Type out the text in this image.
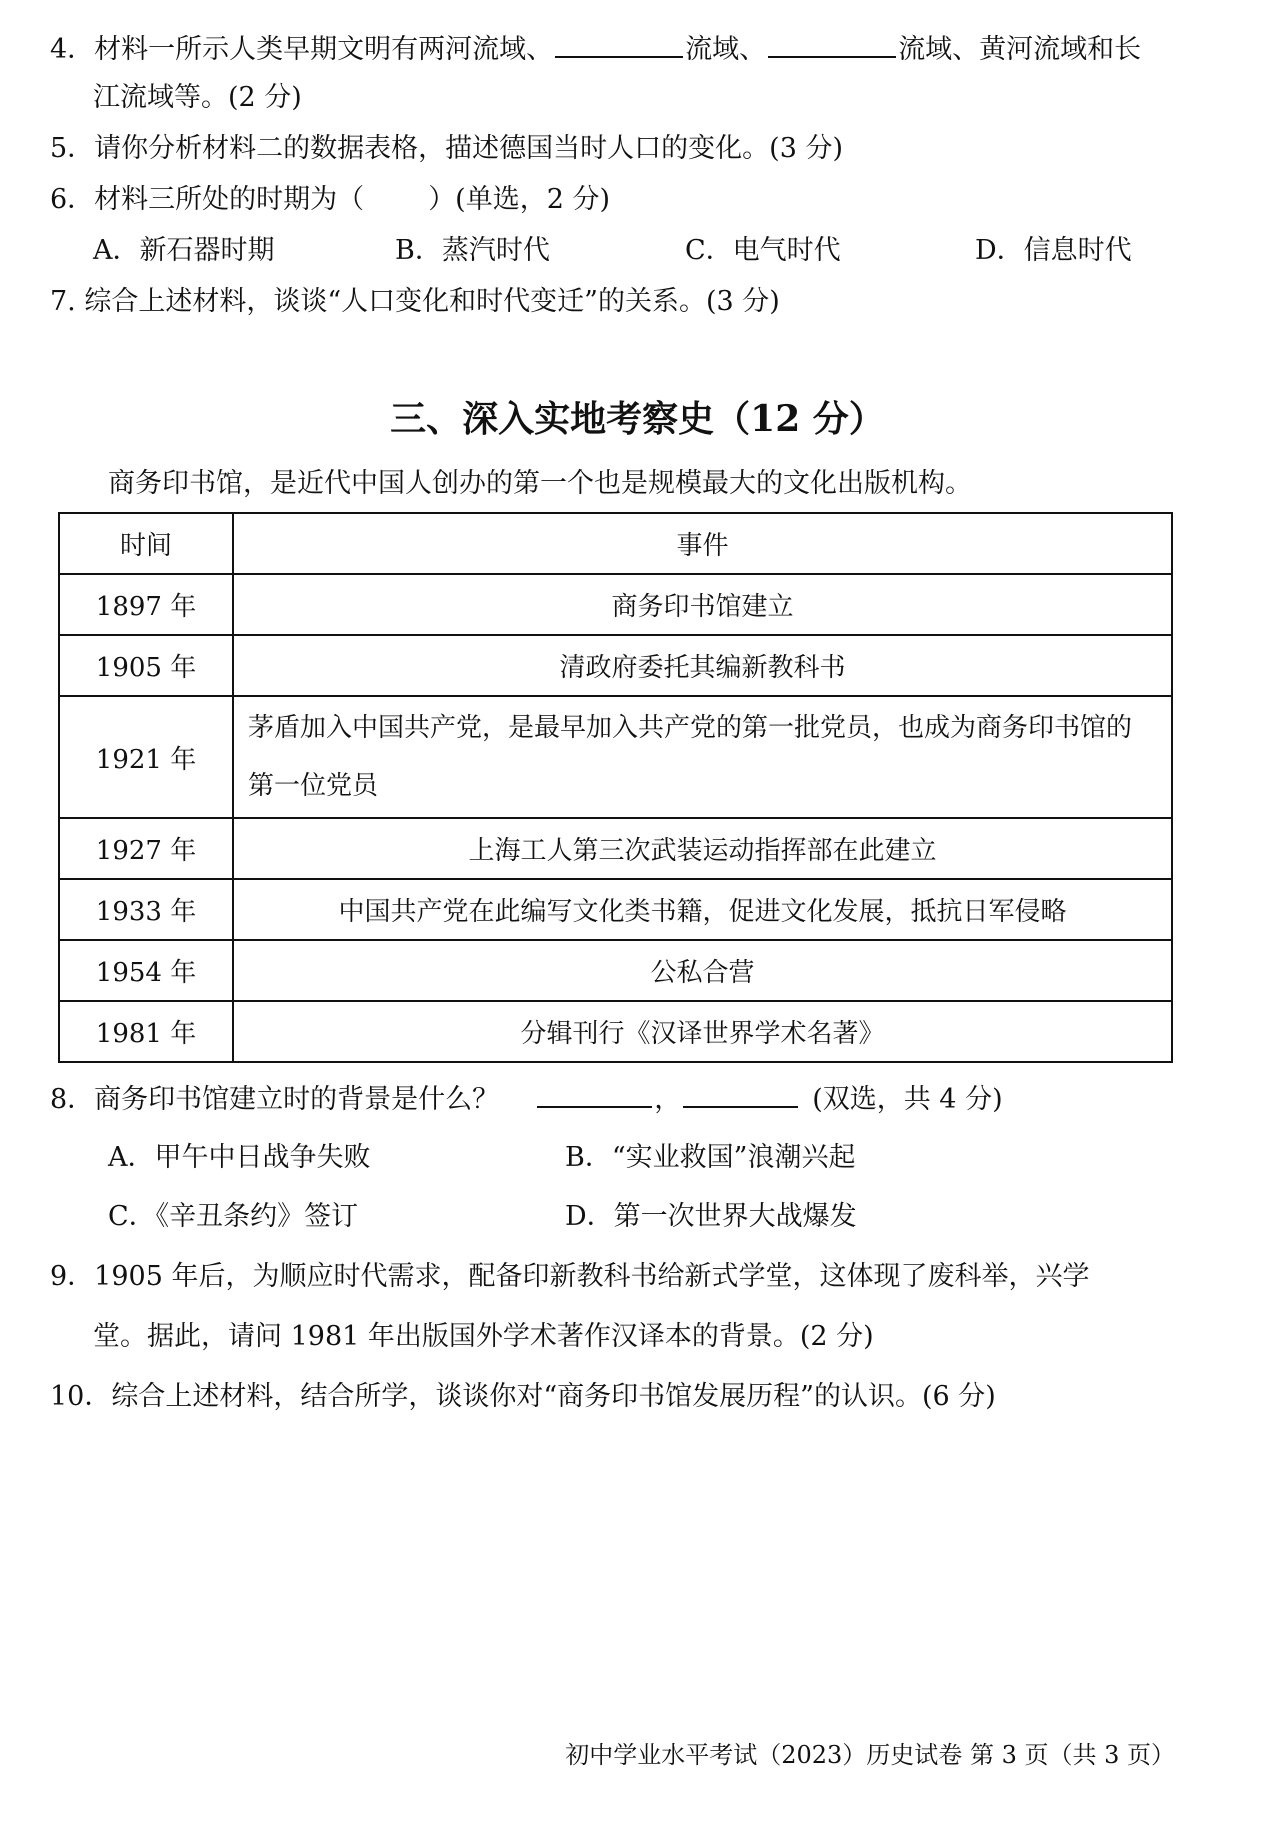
4．材料一所示人类早期文明有两河流域、	流域、	流域、黄河流域和长
江流域等。(2 分)
5．请你分析材料二的数据表格，描述德国当时人口的变化。(3 分)
6．材料三所处的时期为（ ）(单选，2 分)
A．新石器时期	B．蒸汽时代	C．电气时代	D．信息时代
7. 综合上述材料，谈谈“人口变化和时代变迁”的关系。(3 分)
三、深入实地考察史（12 分）
商务印书馆，是近代中国人创办的第一个也是规模最大的文化出版机构。
时间	事件
1897 年	商务印书馆建立
1905 年	清政府委托其编新教科书
1921 年	茅盾加入中国共产党，是最早加入共产党的第一批党员，也成为商务印书馆的第一位党员
1927 年	上海工人第三次武装运动指挥部在此建立
1933 年	中国共产党在此编写文化类书籍，促进文化发展，抵抗日军侵略
1954 年	公私合营
1981 年	分辑刊行《汉译世界学术名著》
8．商务印书馆建立时的背景是什么？	，	(双选，共 4 分)
A．甲午中日战争失败	B．“实业救国”浪潮兴起
C．《辛丑条约》签订	D．第一次世界大战爆发
9．1905 年后，为顺应时代需求，配备印新教科书给新式学堂，这体现了废科举，兴学
堂。据此，请问 1981 年出版国外学术著作汉译本的背景。(2 分)
10．综合上述材料，结合所学，谈谈你对“商务印书馆发展历程”的认识。(6 分)
初中学业水平考试（2023）历史试卷 第 3 页（共 3 页）
